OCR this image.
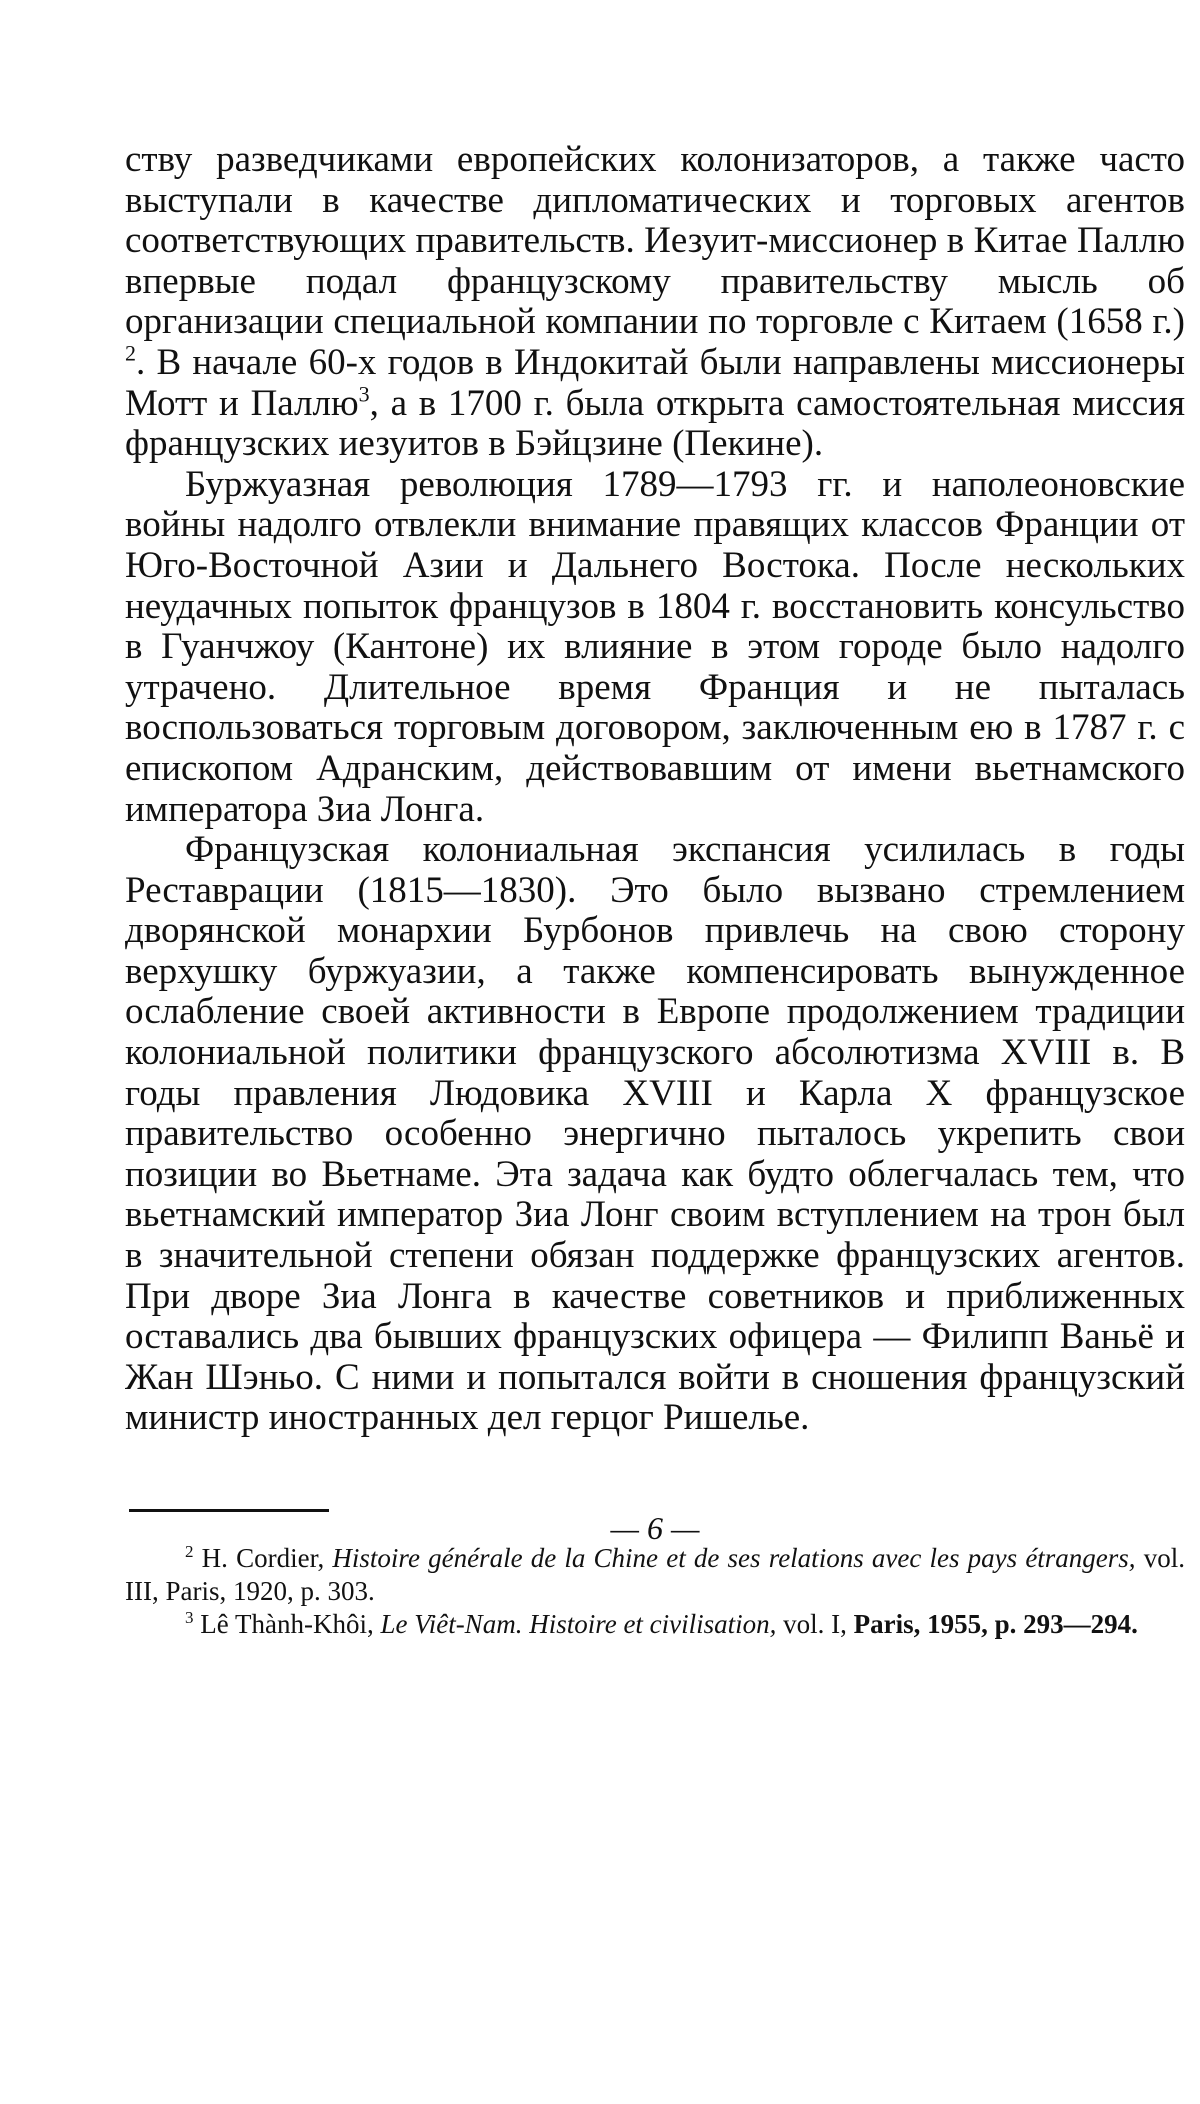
ству разведчиками европейских колонизаторов, а также часто выступали в качестве дипломатических и торговых агентов соответствующих правительств. Иезуит-миссионер в Китае Паллю впервые подал французскому правительству мысль об организации специальной компании по торговле с Китаем (1658 г.) $^2$. В начале 60-х годов в Индокитай были направлены миссионеры Мотт и Паллю$^3$, а в 1700 г. была открыта самостоятельная миссия французских иезуитов в Бэйцзине (Пекине).

Буржуазная революция 1789—1793 гг. и наполеоновские войны надолго отвлекли внимание правящих классов Франции от Юго-Восточной Азии и Дальнего Востока. После нескольких неудачных попыток французов в 1804 г. восстановить консульство в Гуанчжоу (Кантоне) их влияние в этом городе было надолго утрачено. Длительное время Франция и не пыталась воспользоваться торговым договором, заключенным ею в 1787 г. с епископом Адранским, действовавшим от имени вьетнамского императора Зиа Лонга.

Французская колониальная экспансия усилилась в годы Реставрации (1815—1830). Это было вызвано стремлением дворянской монархии Бурбонов привлечь на свою сторону верхушку буржуазии, а также компенсировать вынужденное ослабление своей активности в Европе продолжением традиции колониальной политики французского абсолютизма XVIII в. В годы правления Людовика XVIII и Карла X французское правительство особенно энергично пыталось укрепить свои позиции во Вьетнаме. Эта задача как будто облегчалась тем, что вьетнамский император Зиа Лонг своим вступлением на трон был в значительной степени обязан поддержке французских агентов. При дворе Зиа Лонга в качестве советников и приближенных оставались два бывших французских офицера — Филипп Ваньё и Жан Шэньо. С ними и попытался войти в сношения французский министр иностранных дел герцог Ришелье.

$^2$ H. Cordier, Histoire générale de la Chine et de ses relations avec les pays étrangers, vol. III, Paris, 1920, p. 303.

$^3$ Lê Thành-Khôi, Le Viêt-Nam. Histoire et civilisation, vol. I, Paris, 1955, p. 293—294.

— 6 —
